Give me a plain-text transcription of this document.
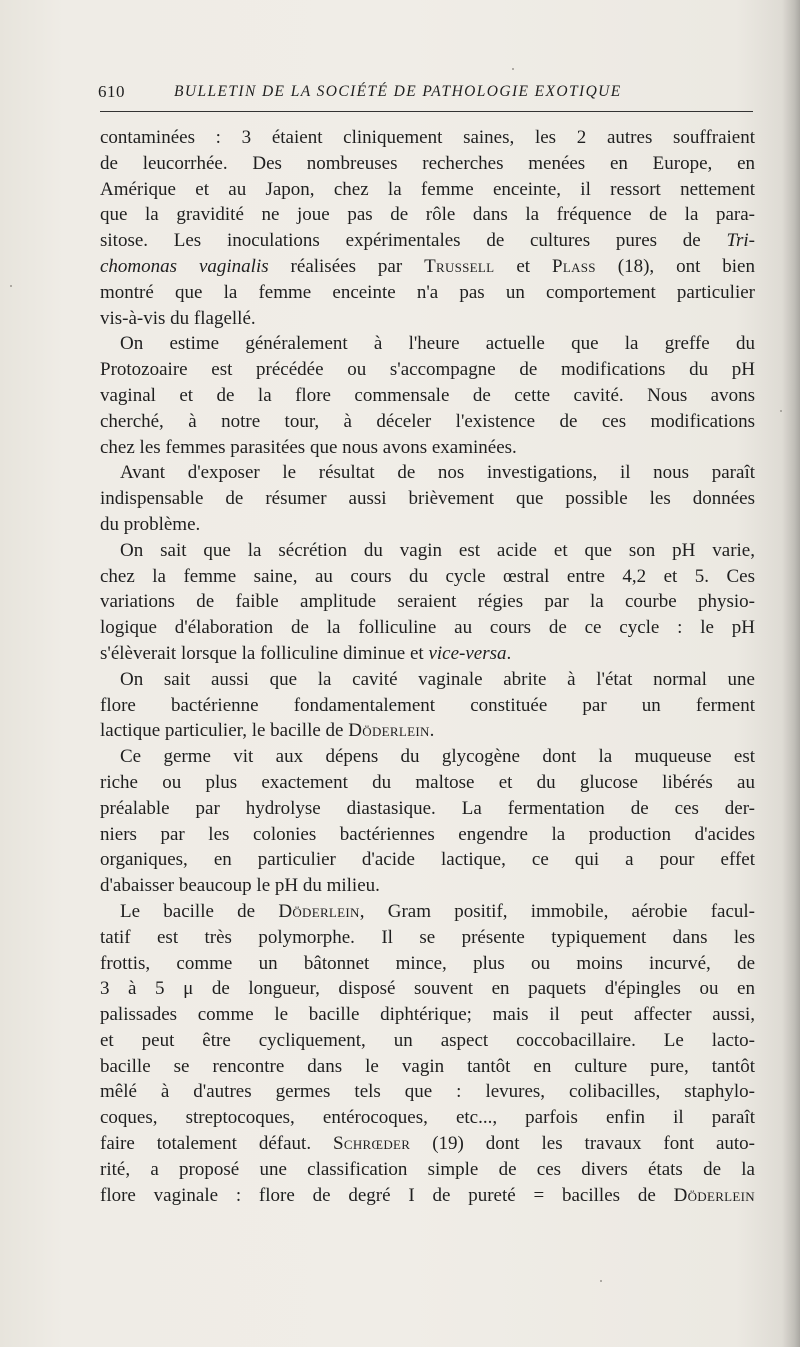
610	BULLETIN DE LA SOCIÉTÉ DE PATHOLOGIE EXOTIQUE
contaminées : 3 étaient cliniquement saines, les 2 autres souffraient
de leucorrhée. Des nombreuses recherches menées en Europe, en
Amérique et au Japon, chez la femme enceinte, il ressort nettement
que la gravidité ne joue pas de rôle dans la fréquence de la para-
sitose. Les inoculations expérimentales de cultures pures de Tri-
chomonas vaginalis réalisées par Trussell et Plass (18), ont bien
montré que la femme enceinte n'a pas un comportement particulier
vis-à-vis du flagellé.
On estime généralement à l'heure actuelle que la greffe du
Protozoaire est précédée ou s'accompagne de modifications du pH
vaginal et de la flore commensale de cette cavité. Nous avons
cherché, à notre tour, à déceler l'existence de ces modifications
chez les femmes parasitées que nous avons examinées.
Avant d'exposer le résultat de nos investigations, il nous paraît
indispensable de résumer aussi brièvement que possible les données
du problème.
On sait que la sécrétion du vagin est acide et que son pH varie,
chez la femme saine, au cours du cycle œstral entre 4,2 et 5. Ces
variations de faible amplitude seraient régies par la courbe physio-
logique d'élaboration de la folliculine au cours de ce cycle : le pH
s'élèverait lorsque la folliculine diminue et vice-versa.
On sait aussi que la cavité vaginale abrite à l'état normal une
flore bactérienne fondamentalement constituée par un ferment
lactique particulier, le bacille de Döderlein.
Ce germe vit aux dépens du glycogène dont la muqueuse est
riche ou plus exactement du maltose et du glucose libérés au
préalable par hydrolyse diastasique. La fermentation de ces der-
niers par les colonies bactériennes engendre la production d'acides
organiques, en particulier d'acide lactique, ce qui a pour effet
d'abaisser beaucoup le pH du milieu.
Le bacille de Döderlein, Gram positif, immobile, aérobie facul-
tatif est très polymorphe. Il se présente typiquement dans les
frottis, comme un bâtonnet mince, plus ou moins incurvé, de
3 à 5 μ de longueur, disposé souvent en paquets d'épingles ou en
palissades comme le bacille diphtérique; mais il peut affecter aussi,
et peut être cycliquement, un aspect coccobacillaire. Le lacto-
bacille se rencontre dans le vagin tantôt en culture pure, tantôt
mêlé à d'autres germes tels que : levures, colibacilles, staphylo-
coques, streptocoques, entérocoques, etc..., parfois enfin il paraît
faire totalement défaut. Schrœder (19) dont les travaux font auto-
rité, a proposé une classification simple de ces divers états de la
flore vaginale : flore de degré I de pureté = bacilles de Döderlein
